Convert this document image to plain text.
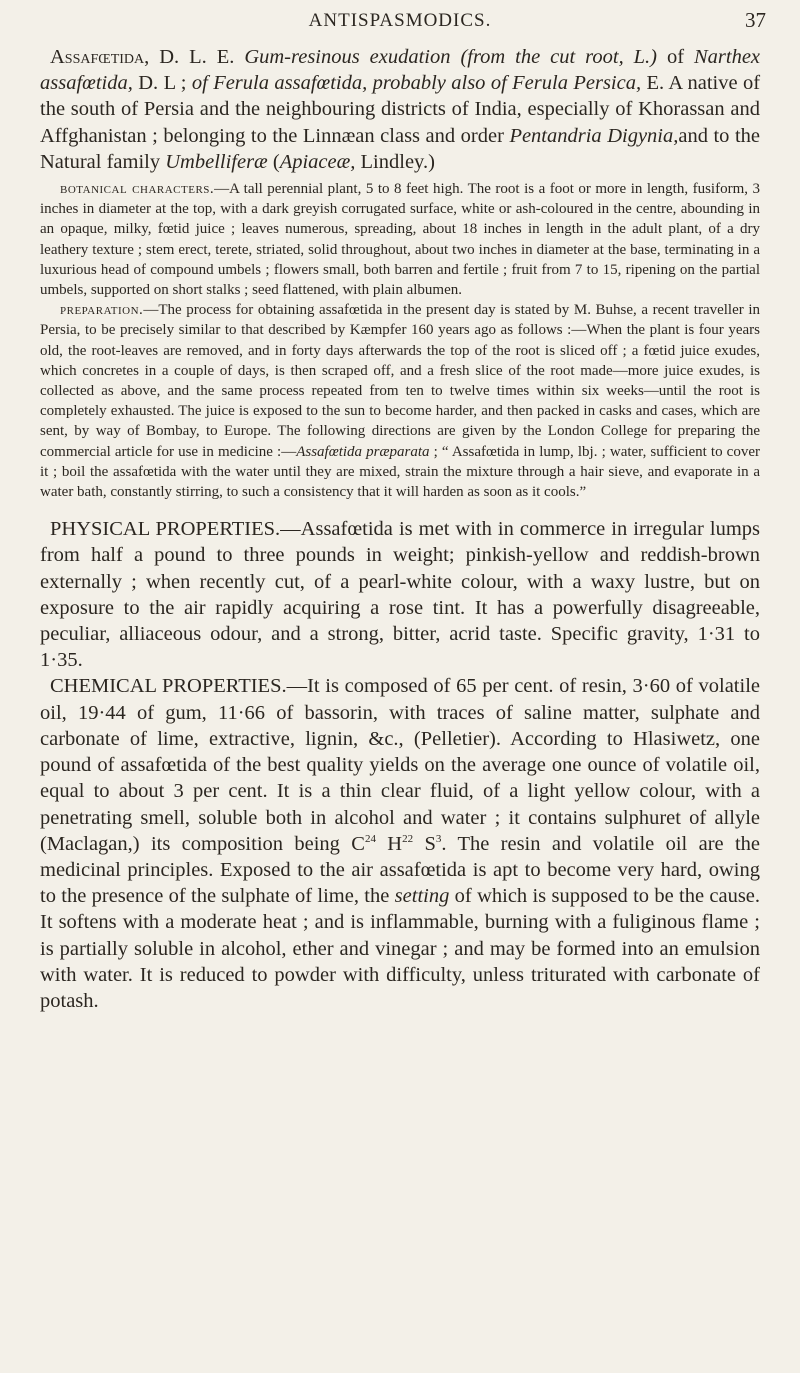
ANTISPASMODICS.	37

Assafœtida, D. L. E. Gum-resinous exudation (from the cut root, L.) of Narthex assafœtida, D. L ; of Ferula assafœtida, probably also of Ferula Persica, E. A native of the south of Persia and the neighbouring districts of India, especially of Khorassan and Affghanistan ; belonging to the Linnæan class and order Pentandria Digynia,and to the Natural family Umbelliferæ (Apiaceæ, Lindley.)

botanical characters.—A tall perennial plant, 5 to 8 feet high. The root is a foot or more in length, fusiform, 3 inches in diameter at the top, with a dark greyish corrugated surface, white or ash-coloured in the centre, abounding in an opaque, milky, fœtid juice ; leaves numerous, spreading, about 18 inches in length in the adult plant, of a dry leathery texture ; stem erect, terete, striated, solid throughout, about two inches in diameter at the base, terminating in a luxurious head of compound umbels ; flowers small, both barren and fertile ; fruit from 7 to 15, ripening on the partial umbels, supported on short stalks ; seed flattened, with plain albumen.

preparation.—The process for obtaining assafœtida in the present day is stated by M. Buhse, a recent traveller in Persia, to be precisely similar to that described by Kæmpfer 160 years ago as follows :—When the plant is four years old, the root-leaves are removed, and in forty days afterwards the top of the root is sliced off ; a fœtid juice exudes, which concretes in a couple of days, is then scraped off, and a fresh slice of the root made—more juice exudes, is collected as above, and the same process repeated from ten to twelve times within six weeks—until the root is completely exhausted. The juice is exposed to the sun to become harder, and then packed in casks and cases, which are sent, by way of Bombay, to Europe. The following directions are given by the London College for preparing the commercial article for use in medicine :—Assafœtida præparata ; “ Assafœtida in lump, lbj. ; water, sufficient to cover it ; boil the assafœtida with the water until they are mixed, strain the mixture through a hair sieve, and evaporate in a water bath, constantly stirring, to such a consistency that it will harden as soon as it cools.”

PHYSICAL PROPERTIES.—Assafœtida is met with in commerce in irregular lumps from half a pound to three pounds in weight; pinkish-yellow and reddish-brown externally ; when recently cut, of a pearl-white colour, with a waxy lustre, but on exposure to the air rapidly acquiring a rose tint. It has a powerfully disagreeable, peculiar, alliaceous odour, and a strong, bitter, acrid taste. Specific gravity, 1·31 to 1·35.

CHEMICAL PROPERTIES.—It is composed of 65 per cent. of resin, 3·60 of volatile oil, 19·44 of gum, 11·66 of bassorin, with traces of saline matter, sulphate and carbonate of lime, extractive, lignin, &c., (Pelletier). According to Hlasiwetz, one pound of assafœtida of the best quality yields on the average one ounce of volatile oil, equal to about 3 per cent. It is a thin clear fluid, of a light yellow colour, with a penetrating smell, soluble both in alcohol and water ; it contains sulphuret of allyle (Maclagan,) its composition being $C^{24}$ $H^{22}$ $S^3$. The resin and volatile oil are the medicinal principles. Exposed to the air assafœtida is apt to become very hard, owing to the presence of the sulphate of lime, the setting of which is supposed to be the cause. It softens with a moderate heat ; and is inflammable, burning with a fuliginous flame ; is partially soluble in alcohol, ether and vinegar ; and may be formed into an emulsion with water. It is reduced to powder with difficulty, unless triturated with carbonate of potash.
